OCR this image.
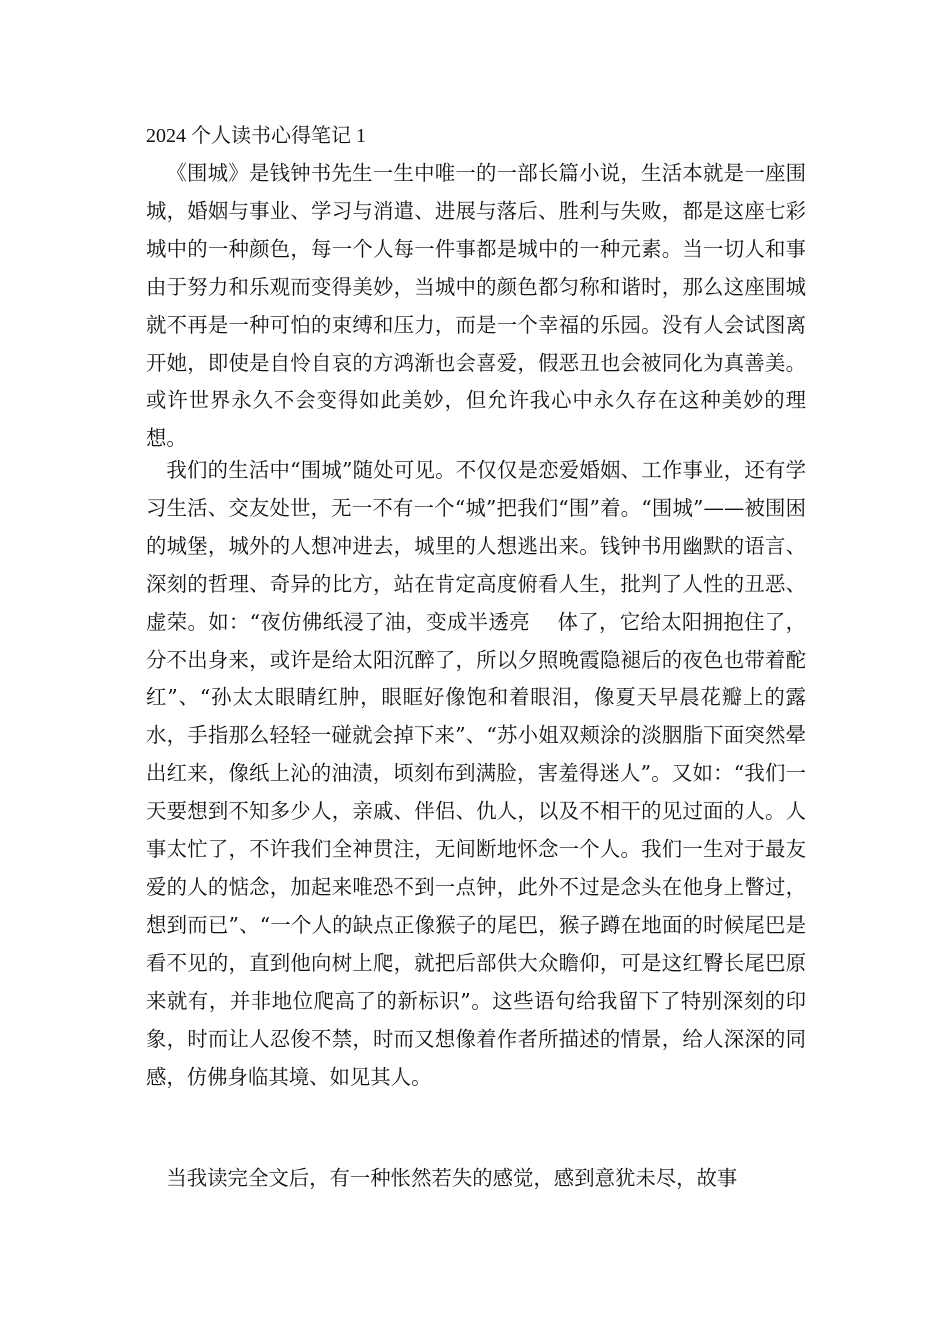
2024 个人读书心得笔记 1

《围城》是钱钟书先生一生中唯一的一部长篇小说，生活本就是一座围城，婚姻与事业、学习与消遣、进展与落后、胜利与失败，都是这座七彩城中的一种颜色，每一个人每一件事都是城中的一种元素。当一切人和事由于努力和乐观而变得美妙，当城中的颜色都匀称和谐时，那么这座围城就不再是一种可怕的束缚和压力，而是一个幸福的乐园。没有人会试图离开她，即使是自怜自哀的方鸿渐也会喜爱，假恶丑也会被同化为真善美。或许世界永久不会变得如此美妙，但允许我心中永久存在这种美妙的理想。

我们的生活中“围城”随处可见。不仅仅是恋爱婚姻、工作事业，还有学习生活、交友处世，无一不有一个“城”把我们“围”着。“围城”——被围困的城堡，城外的人想冲进去，城里的人想逃出来。钱钟书用幽默的语言、深刻的哲理、奇异的比方，站在肯定高度俯看人生，批判了人性的丑恶、虚荣。如：“夜仿佛纸浸了油，变成半透亮　 体了，它给太阳拥抱住了，分不出身来，或许是给太阳沉醉了，所以夕照晚霞隐褪后的夜色也带着酡红”、“孙太太眼睛红肿，眼眶好像饱和着眼泪，像夏天早晨花瓣上的露水，手指那么轻轻一碰就会掉下来”、“苏小姐双颊涂的淡胭脂下面突然晕出红来，像纸上沁的油渍，顷刻布到满脸，害羞得迷人”。又如：“我们一天要想到不知多少人，亲戚、伴侣、仇人，以及不相干的见过面的人。人事太忙了，不许我们全神贯注，无间断地怀念一个人。我们一生对于最友爱的人的惦念，加起来唯恐不到一点钟，此外不过是念头在他身上瞥过，想到而已”、“一个人的缺点正像猴子的尾巴，猴子蹲在地面的时候尾巴是看不见的，直到他向树上爬，就把后部供大众瞻仰，可是这红臀长尾巴原来就有，并非地位爬高了的新标识”。这些语句给我留下了特别深刻的印象，时而让人忍俊不禁，时而又想像着作者所描述的情景，给人深深的同感，仿佛身临其境、如见其人。

当我读完全文后，有一种怅然若失的感觉，感到意犹未尽，故事
